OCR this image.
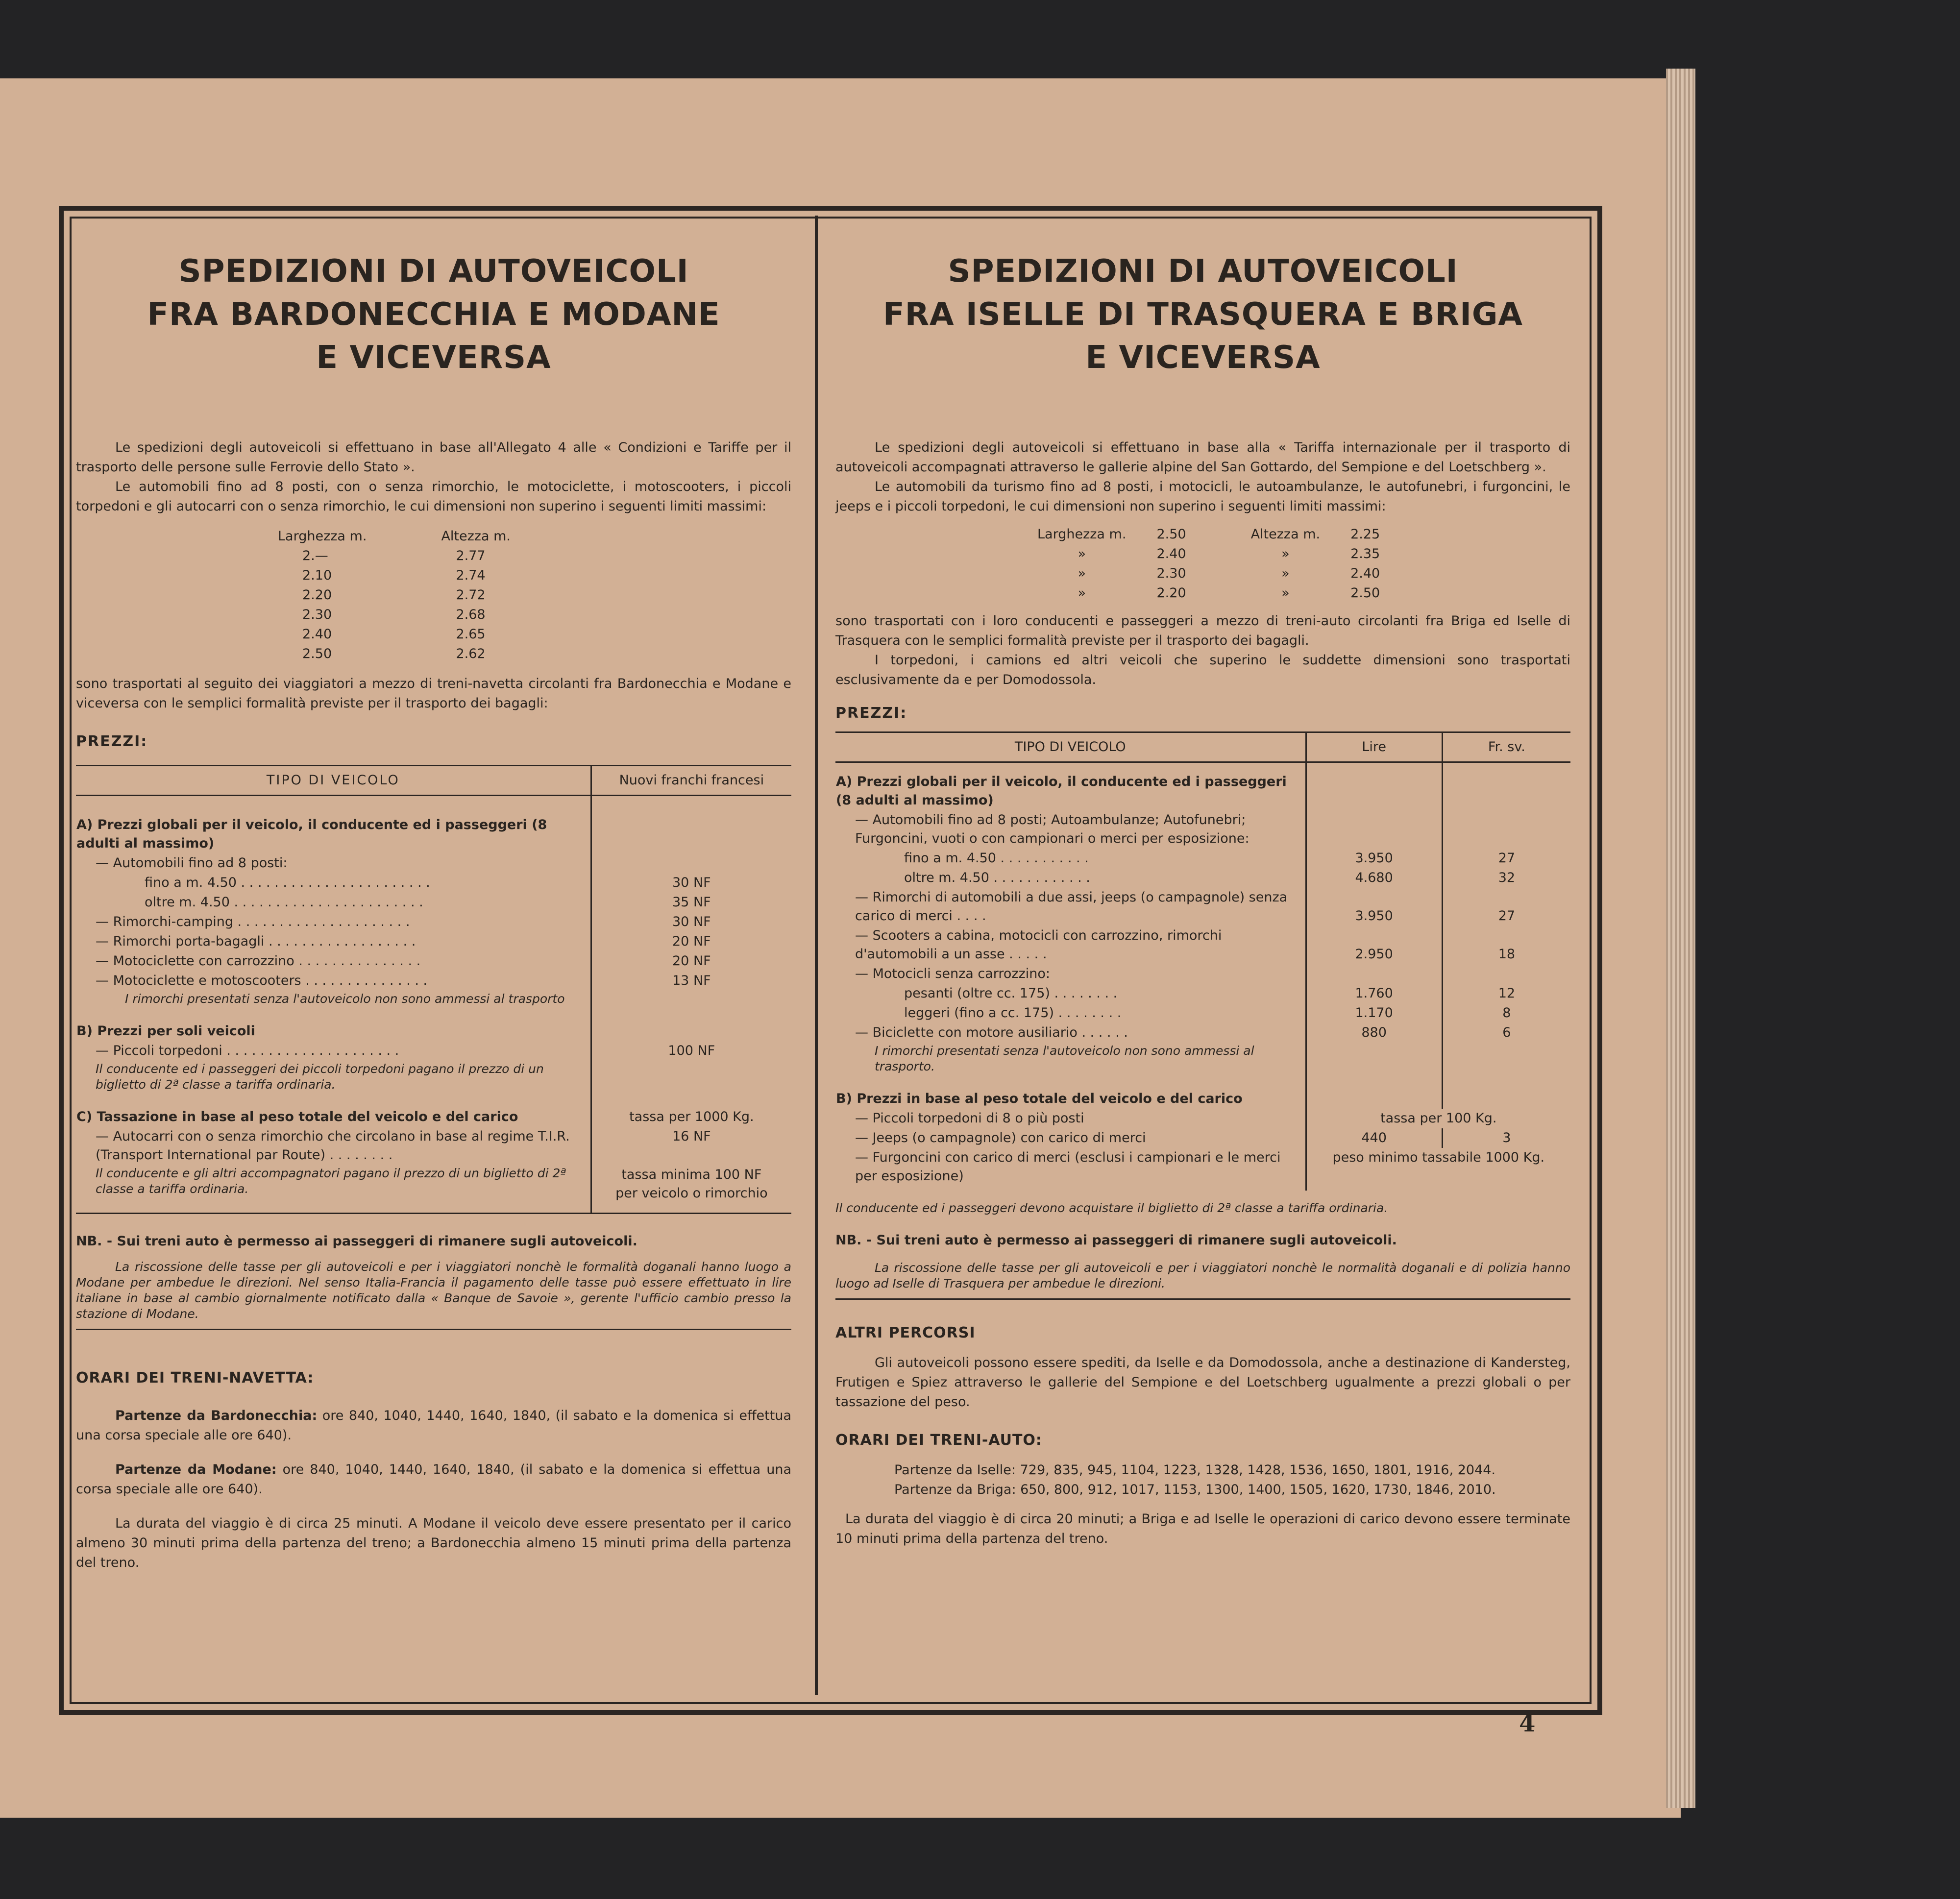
SPEDIZIONI DI AUTOVEICOLI
FRA BARDONECCHIA E MODANE
E VICEVERSA

Le spedizioni degli autoveicoli si effettuano in base all'Allegato 4 alle « Condizioni e Tariffe per il trasporto delle persone sulle Ferrovie dello Stato ».

Le automobili fino ad 8 posti, con o senza rimorchio, le motociclette, i motoscooters, i piccoli torpedoni e gli autocarri con o senza rimorchio, le cui dimensioni non superino i seguenti limiti massimi:

Larghezza m.	Altezza m.
2.—	2.77
2.10	2.74
2.20	2.72
2.30	2.68
2.40	2.65
2.50	2.62

sono trasportati al seguito dei viaggiatori a mezzo di treni-navetta circolanti fra Bardonecchia e Modane e viceversa con le semplici formalità previste per il trasporto dei bagagli:

PREZZI:
TIPO DI VEICOLO	Nuovi franchi francesi
A) Prezzi globali per il veicolo, il conducente ed i passeggeri (8 adulti al massimo)	
— Automobili fino ad 8 posti:	
fino a m. 4.50 . . . . . . . . . . . . . . . . . . . . . . .	30 NF
oltre m. 4.50 . . . . . . . . . . . . . . . . . . . . . . .	35 NF
— Rimorchi-camping . . . . . . . . . . . . . . . . . . . . .	30 NF
— Rimorchi porta-bagagli . . . . . . . . . . . . . . . . . .	20 NF
— Motociclette con carrozzino . . . . . . . . . . . . . . .	20 NF
— Motociclette e motoscooters . . . . . . . . . . . . . . .	13 NF
I rimorchi presentati senza l'autoveicolo non sono ammessi al trasporto	
B) Prezzi per soli veicoli	
— Piccoli torpedoni . . . . . . . . . . . . . . . . . . . . .	100 NF
Il conducente ed i passeggeri dei piccoli torpedoni pagano il prezzo di un biglietto di 2ª classe a tariffa ordinaria.	
C) Tassazione in base al peso totale del veicolo e del carico	tassa per 1000 Kg.
— Autocarri con o senza rimorchio che circolano in base al regime T.I.R. (Transport International par Route) . . . . . . . .	16 NF
Il conducente e gli altri accompagnatori pagano il prezzo di un biglietto di 2ª classe a tariffa ordinaria.	tassa minima 100 NF
per veicolo o rimorchio

NB. - Sui treni auto è permesso ai passeggeri di rimanere sugli autoveicoli.

La riscossione delle tasse per gli autoveicoli e per i viaggiatori nonchè le formalità doganali hanno luogo a Modane per ambedue le direzioni. Nel senso Italia-Francia il pagamento delle tasse può essere effettuato in lire italiane in base al cambio giornalmente notificato dalla « Banque de Savoie », gerente l'ufficio cambio presso la stazione di Modane.

ORARI DEI TRENI-NAVETTA:

Partenze da Bardonecchia: ore 840, 1040, 1440, 1640, 1840, (il sabato e la domenica si effettua una corsa speciale alle ore 640).

Partenze da Modane: ore 840, 1040, 1440, 1640, 1840, (il sabato e la domenica si effettua una corsa speciale alle ore 640).

La durata del viaggio è di circa 25 minuti. A Modane il veicolo deve essere presentato per il carico almeno 30 minuti prima della partenza del treno; a Bardonecchia almeno 15 minuti prima della partenza del treno.

SPEDIZIONI DI AUTOVEICOLI
FRA ISELLE DI TRASQUERA E BRIGA
E VICEVERSA

Le spedizioni degli autoveicoli si effettuano in base alla « Tariffa internazionale per il trasporto di autoveicoli accompagnati attraverso le gallerie alpine del San Gottardo, del Sempione e del Loetschberg ».

Le automobili da turismo fino ad 8 posti, i motocicli, le autoambulanze, le autofunebri, i furgoncini, le jeeps e i piccoli torpedoni, le cui dimensioni non superino i seguenti limiti massimi:

Larghezza m.	2.50	Altezza m.	2.25
»	2.40	»	2.35
»	2.30	»	2.40
»	2.20	»	2.50

sono trasportati con i loro conducenti e passeggeri a mezzo di treni-auto circolanti fra Briga ed Iselle di Trasquera con le semplici formalità previste per il trasporto dei bagagli.

I torpedoni, i camions ed altri veicoli che superino le suddette dimensioni sono trasportati esclusivamente da e per Domodossola.

PREZZI:
TIPO DI VEICOLO	Lire	Fr. sv.
A) Prezzi globali per il veicolo, il conducente ed i passeggeri (8 adulti al massimo)		
— Automobili fino ad 8 posti; Autoambulanze; Autofunebri; Furgoncini, vuoti o con campionari o merci per esposizione:		
fino a m. 4.50 . . . . . . . . . . .	3.950	27
oltre m. 4.50 . . . . . . . . . . . .	4.680	32
— Rimorchi di automobili a due assi, jeeps (o campagnole) senza carico di merci . . . .	3.950	27
— Scooters a cabina, motocicli con carrozzino, rimorchi d'automobili a un asse . . . . .	2.950	18
— Motocicli senza carrozzino:		
pesanti (oltre cc. 175) . . . . . . . .	1.760	12
leggeri (fino a cc. 175) . . . . . . . .	1.170	8
— Biciclette con motore ausiliario . . . . . .	880	6
I rimorchi presentati senza l'autoveicolo non sono ammessi al trasporto.		
B) Prezzi in base al peso totale del veicolo e del carico		
— Piccoli torpedoni di 8 o più posti	tassa per 100 Kg.	
— Jeeps (o campagnole) con carico di merci	440	3
— Furgoncini con carico di merci (esclusi i campionari e le merci per esposizione)	peso minimo tassabile 1000 Kg.	

Il conducente ed i passeggeri devono acquistare il biglietto di 2ª classe a tariffa ordinaria.

NB. - Sui treni auto è permesso ai passeggeri di rimanere sugli autoveicoli.

La riscossione delle tasse per gli autoveicoli e per i viaggiatori nonchè le normalità doganali e di polizia hanno luogo ad Iselle di Trasquera per ambedue le direzioni.

ALTRI PERCORSI

Gli autoveicoli possono essere spediti, da Iselle e da Domodossola, anche a destinazione di Kandersteg, Frutigen e Spiez attraverso le gallerie del Sempione e del Loetschberg ugualmente a prezzi globali o per tassazione del peso.

ORARI DEI TRENI-AUTO:

Partenze da Iselle: 729, 835, 945, 1104, 1223, 1328, 1428, 1536, 1650, 1801, 1916, 2044.

Partenze da Briga: 650, 800, 912, 1017, 1153, 1300, 1400, 1505, 1620, 1730, 1846, 2010.

La durata del viaggio è di circa 20 minuti; a Briga e ad Iselle le operazioni di carico devono essere terminate 10 minuti prima della partenza del treno.

4
